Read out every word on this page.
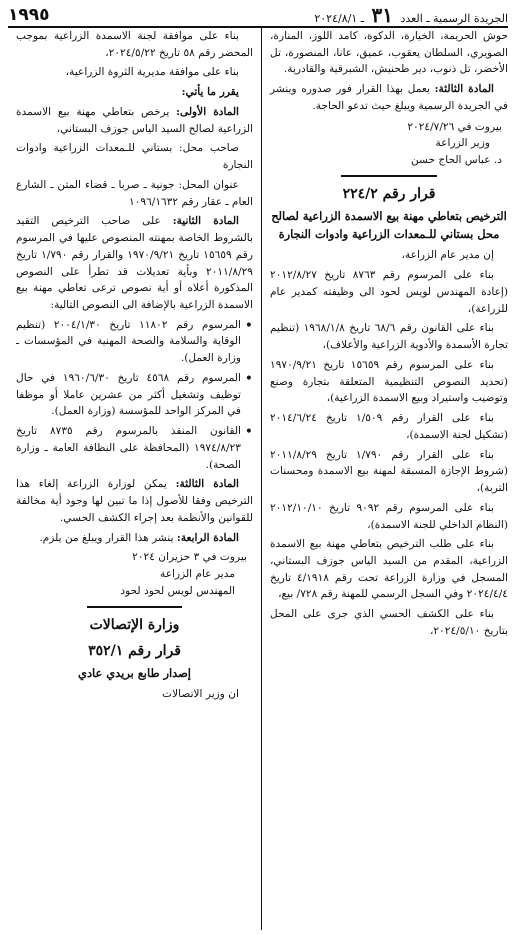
الجريدة الرسمية ـ العدد ٣١ ـ ٢٠٢٤/٨/١
١٩٩٥

حوش الحريمة، الخيارة، الدكوة، كامد اللوز، المنارة، الصويري، السلطان يعقوب، عميق، عانا، المنصورة، تل الأخضر، تل ذنوب، دير طحنيش، الشبرقية والقادرية.

المادة الثالثة: يعمل بهذا القرار فور صدوره وينشر في الجريدة الرسمية ويبلغ حيث تدعو الحاجة.

بيروت في ٢٠٢٤/٧/٢٦

وزير الزراعة

د. عباس الحاج حسن

قرار رقم ٢٢٤/٢
الترخيص بتعاطي مهنة بيع الاسمدة الزراعية لصالح محل بستاني للـمعدات الزراعية وادوات النجارة

إن مدير عام الزراعة،

بناء على المرسوم رقم ٨٧٦٣ تاريخ ٢٠١٢/٨/٢٧ (إعادة المهندس لويس لحود الى وظيفته كمدير عام للزراعة)،

بناء على القانون رقم ٦٨/٦ تاريخ ١٩٦٨/١/٨ (تنظيم تجارة الأسمدة والأدوية الزراعية والأعلاف)،

بناء على المرسوم رقم ١٥٦٥٩ تاريخ ١٩٧٠/٩/٢١ (تحديد النصوص التنظيمية المتعلقة بتجارة وصنع وتوضيب واستيراد وبيع الاسمدة الزراعية)،

بناء على القرار رقم ١/٥٠٩ تاريخ ٢٠١٤/٦/٢٤ (تشكيل لجنة الاسمدة)،

بناء على القرار رقم ١/٧٩٠ تاريخ ٢٠١١/٨/٢٩ (شروط الإجازة المسبقة لمهنة بيع الاسمدة ومحسنات التربة)،

بناء على المرسوم رقم ٩٠٩٢ تاريخ ٢٠١٢/١٠/١٠ (النظام الداخلي للجنة الاسمدة)،

بناء على طلب الترخيص بتعاطي مهنة بيع الاسمدة الزراعية، المقدم من السيد الياس جوزف البستاني، المسجل في وزارة الزراعة تحت رقم ٤/١٩١٨ تاريخ ٢٠٢٤/٤/٤ وفي السجل الرسمي للمهنة رقم ٧٢٨/ بيع،

بناء على الكشف الحسي الذي جرى على المحل بتاريخ ٢٠٢٤/٥/١٠،

بناء على موافقة لجنة الاسمدة الزراعية بموجب المحضر رقم ٥٨ تاريخ ٢٠٢٤/٥/٢٢،

بناء على موافقة مديرية الثروة الزراعية،

يقرر ما يأتي:

المادة الأولى: يرخص بتعاطي مهنة بيع الاسمدة الزراعية لصالح السيد الياس جوزف البستاني،

صاحب محل: بستاني للـمعدات الزراعية وادوات النجارة

عنوان المحل: جونية ـ صربا ـ قضاء المتن ـ الشارع العام ـ عقار رقم ١٠٩٦/١٦٣٢

المادة الثانية: على صاحب الترخيص التقيد بالشروط الخاصة بمهنته المنصوص عليها في المرسوم رقم ١٥٦٥٩ تاريخ ١٩٧٠/٩/٢١ والقرار رقم ١/٧٩٠ تاريخ ٢٠١١/٨/٢٩ وبأية تعديلات قد تطرأ على النصوص المذكورة أعلاه أو أية نصوص ترعى تعاطي مهنة بيع الاسمدة الزراعية بالإضافة الى النصوص التالية:

• المرسوم رقم ١١٨٠٢ تاريخ ٢٠٠٤/١/٣٠ (تنظيم الوقاية والسلامة والصحة المهنية في المؤسسات ـ وزارة العمل).
• المرسوم رقم ٤٥٦٨ تاريخ ١٩٦٠/٦/٣٠ في حال توظيف وتشغيل أكثر من عشرين عاملا أو موظفا في المركز الواحد للمؤسسة (وزارة العمل).
• القانون المنفذ بالمرسوم رقم ٨٧٣٥ تاريخ ١٩٧٤/٨/٢٣ (المحافظة على النظافة العامة ـ وزارة الصحة).

المادة الثالثة: يمكن لوزارة الزراعة إلغاء هذا الترخيص وفقا للأصول إذا ما تبين لها وجود أية مخالفة للقوانين والأنظمة بعد إجراء الكشف الحسي.

المادة الرابعة: ينشر هذا القرار ويبلغ من يلزم.

بيروت في ٣ حزيران ٢٠٢٤

مدير عام الزراعة

المهندس لويس لحود لحود

وزارة الإتصالات
قرار رقم ٣٥٢/١
إصدار طابع بريدي عادي

ان وزير الاتصالات
